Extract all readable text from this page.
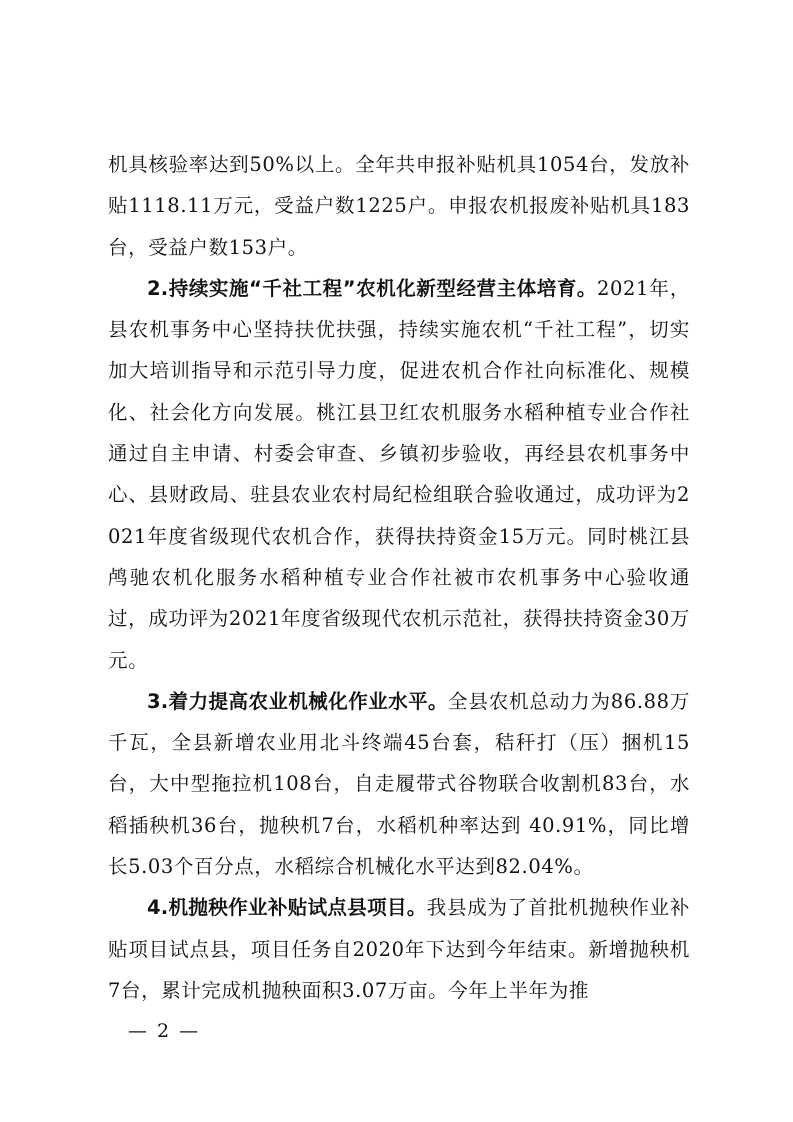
机具核验率达到50%以上。全年共申报补贴机具1054台，发放补贴1118.11万元，受益户数1225户。申报农机报废补贴机具183台，受益户数153户。

2.持续实施“千社工程”农机化新型经营主体培育。2021年，县农机事务中心坚持扶优扶强，持续实施农机“千社工程”，切实加大培训指导和示范引导力度，促进农机合作社向标准化、规模化、社会化方向发展。桃江县卫红农机服务水稻种植专业合作社通过自主申请、村委会审查、乡镇初步验收，再经县农机事务中心、县财政局、驻县农业农村局纪检组联合验收通过，成功评为2021年度省级现代农机合作，获得扶持资金15万元。同时桃江县鸬驰农机化服务水稻种植专业合作社被市农机事务中心验收通过，成功评为2021年度省级现代农机示范社，获得扶持资金30万元。

3.着力提高农业机械化作业水平。全县农机总动力为86.88万千瓦，全县新增农业用北斗终端45台套，秸秆打（压）捆机15台，大中型拖拉机108台，自走履带式谷物联合收割机83台，水稻插秧机36台，抛秧机7台，水稻机种率达到 40.91%，同比增长5.03个百分点，水稻综合机械化水平达到82.04%。

4.机抛秧作业补贴试点县项目。我县成为了首批机抛秧作业补贴项目试点县，项目任务自2020年下达到今年结束。新增抛秧机7台，累计完成机抛秧面积3.07万亩。今年上半年为推

— 2 —
